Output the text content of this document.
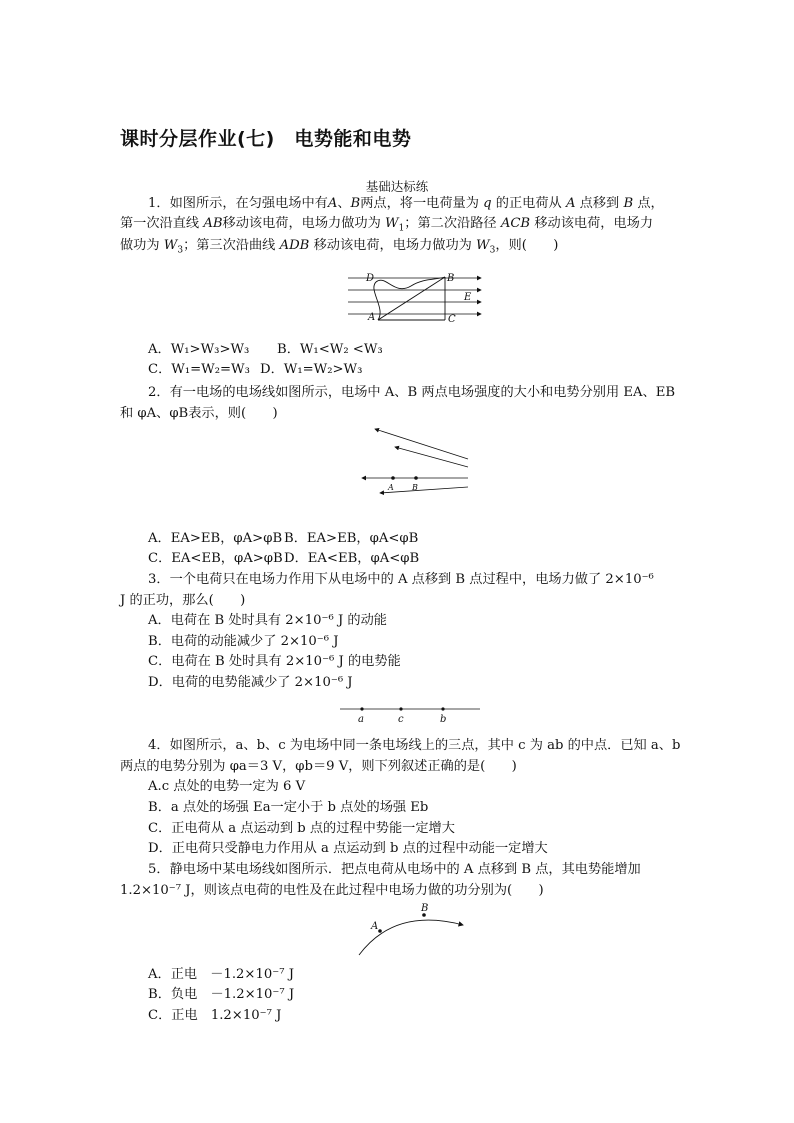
课时分层作业(七)　电势能和电势
基础达标练
1．如图所示，在匀强电场中有A、B两点，将一电荷量为 q 的正电荷从 A 点移到 B 点，
第一次沿直线 AB移动该电荷，电场力做功为 $W_1$；第二次沿路径 ACB 移动该电荷，电场力
做功为 $W_3$；第三次沿曲线 ADB 移动该电荷，电场力做功为 $W_3$，则(　　)
D	B
E
A	C
A．W₁>W₃>W₃ B．W₁<W₂ <W₃
C．W₁=W₂=W₃ D．W₁=W₂>W₃
2．有一电场的电场线如图所示，电场中 A、B 两点电场强度的大小和电势分别用 EA、EB
和 φA、φB表示，则(　　)
A B
A．EA>EB，φA>φB B．EA>EB，φA<φB
C．EA<EB，φA>φB D．EA<EB，φA<φB
3．一个电荷只在电场力作用下从电场中的 A 点移到 B 点过程中，电场力做了 2×10⁻⁶
J 的正功，那么(　　)
A．电荷在 B 处时具有 2×10⁻⁶ J 的动能
B．电荷的动能减少了 2×10⁻⁶ J
C．电荷在 B 处时具有 2×10⁻⁶ J 的电势能
D．电荷的电势能减少了 2×10⁻⁶ J
a	c	b
4．如图所示，a、b、c 为电场中同一条电场线上的三点，其中 c 为 ab 的中点．已知 a、b
两点的电势分别为 φa＝3 V，φb＝9 V，则下列叙述正确的是(　　)
A.c 点处的电势一定为 6 V
B．a 点处的场强 Ea一定小于 b 点处的场强 Eb
C．正电荷从 a 点运动到 b 点的过程中势能一定增大
D．正电荷只受静电力作用从 a 点运动到 b 点的过程中动能一定增大
5．静电场中某电场线如图所示．把点电荷从电场中的 A 点移到 B 点，其电势能增加
1.2×10⁻⁷ J，则该点电荷的电性及在此过程中电场力做的功分别为(　　)
A
B
A．正电　－1.2×10⁻⁷ J
B．负电　－1.2×10⁻⁷ J
C．正电　1.2×10⁻⁷ J
